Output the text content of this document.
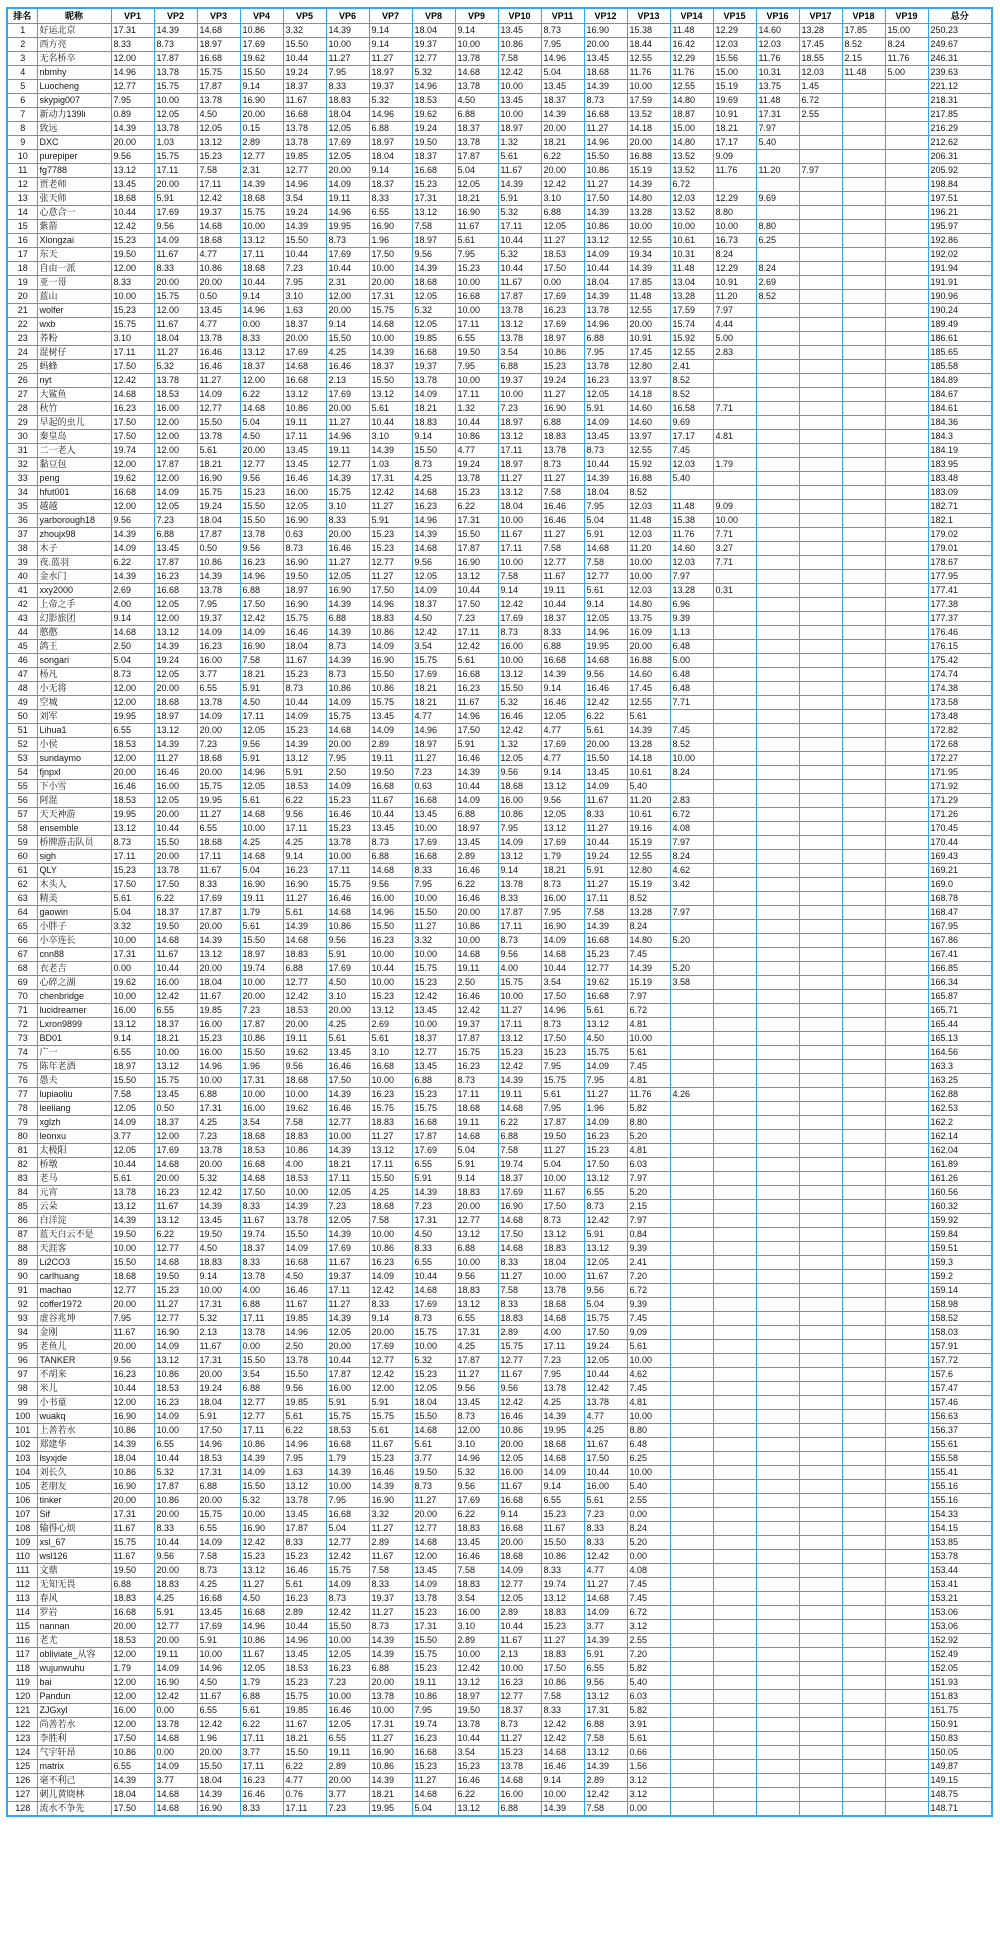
排名	昵称	VP1	VP2	VP3	VP4	VP5	VP6	VP7	VP8	VP9	VP10	VP11	VP12	VP13	VP14	VP15	VP16	VP17	VP18	VP19	总分
1	好运北京	17.31	14.39	14.68	10.86	3.32	14.39	9.14	18.04	9.14	13.45	8.73	16.90	15.38	11.48	12.29	14.60	13.28	17.85	15.00	250.23
2	西方亮	8.33	8.73	18.97	17.69	15.50	10.00	9.14	19.37	10.00	10.86	7.95	20.00	18.44	16.42	12.03	12.03	17.45	8.52	8.24	249.67
3	无名桥卒	12.00	17.87	16.68	19.62	10.44	11.27	11.27	12.77	13.78	7.58	14.96	13.45	12.55	12.29	15.56	11.76	18.55	2.15	11.76	246.31
4	nbmhy	14.96	13.78	15.75	15.50	19.24	7.95	18.97	5.32	14.68	12.42	5.04	18.68	11.76	11.76	15.00	10.31	12.03	11.48	5.00	239.63
5	Luocheng	12.77	15.75	17.87	9.14	18.37	8.33	19.37	14.96	13.78	10.00	13.45	14.39	10.00	12.55	15.19	13.75	1.45			221.12
6	skypig007	7.95	10.00	13.78	16.90	11.67	18.83	5.32	18.53	4.50	13.45	18.37	8.73	17.59	14.80	19.69	11.48	6.72			218.31
7	新动力139li	0.89	12.05	4.50	20.00	16.68	18.04	14.96	19.62	6.88	10.00	14.39	16.68	13.52	18.87	10.91	17.31	2.55			217.85
8	致远	14.39	13.78	12.05	0.15	13.78	12.05	6.88	19.24	18.37	18.97	20.00	11.27	14.18	15.00	18.21	7.97				216.29
9	DXC	20.00	1.03	13.12	2.89	13.78	17.69	18.97	19.50	13.78	1.32	18.21	14.96	20.00	14.80	17.17	5.40				212.62
10	purepiper	9.56	15.75	15.23	12.77	19.85	12.05	18.04	18.37	17.87	5.61	6.22	15.50	16.88	13.52	9.09					206.31
11	fg7788	13.12	17.11	7.58	2.31	12.77	20.00	9.14	16.68	5.04	11.67	20.00	10.86	15.19	13.52	11.76	11.20	7.97			205.92
12	贾老师	13.45	20.00	17.11	14.39	14.96	14.09	18.37	15.23	12.05	14.39	12.42	11.27	14.39	6.72						198.84
13	张天师	18.68	5.91	12.42	18.68	3.54	19.11	8.33	17.31	18.21	5.91	3.10	17.50	14.80	12.03	12.29	9.69				197.51
14	心意合一	10.44	17.69	19.37	15.75	19.24	14.96	6.55	13.12	16.90	5.32	6.88	14.39	13.28	13.52	8.80					196.21
15	紫箭	12.42	9.56	14.68	10.00	14.39	19.95	16.90	7.58	11.67	17.11	12.05	10.86	10.00	10.00	10.00	8.80				195.97
16	Xlongzai	15.23	14.09	18.68	13.12	15.50	8.73	1.96	18.97	5.61	10.44	11.27	13.12	12.55	10.61	16.73	6.25				192.86
17	东天	19.50	11.67	4.77	17.11	10.44	17.69	17.50	9.56	7.95	5.32	18.53	14.09	19.34	10.31	8.24					192.02
18	自由一派	12.00	8.33	10.86	18.68	7.23	10.44	10.00	14.39	15.23	10.44	17.50	10.44	14.39	11.48	12.29	8.24				191.94
19	亚一哥	8.33	20.00	20.00	10.44	7.95	2.31	20.00	18.68	10.00	11.67	0.00	18.04	17.85	13.04	10.91	2.69				191.91
20	蓝山	10.00	15.75	0.50	9.14	3.10	12.00	17.31	12.05	16.68	17.87	17.69	14.39	11.48	13.28	11.20	8.52				190.96
21	wolfer	15.23	12.00	13.45	14.96	1.63	20.00	15.75	5.32	10.00	13.78	16.23	13.78	12.55	17.59	7.97					190.24
22	wxb	15.75	11.67	4.77	0.00	18.37	9.14	14.68	12.05	17.11	13.12	17.69	14.96	20.00	15.74	4.44					189.49
23	荞粉	3.10	18.04	13.78	8.33	20.00	15.50	10.00	19.85	6.55	13.78	18.97	6.88	10.91	15.92	5.00					186.61
24	混树仔	17.11	11.27	16.46	13.12	17.69	4.25	14.39	16.68	19.50	3.54	10.86	7.95	17.45	12.55	2.83					185.65
25	蚂蜂	17.50	5.32	16.46	18.37	14.68	16.46	18.37	19.37	7.95	6.88	15.23	13.78	12.80	2.41						185.58
26	nyt	12.42	13.78	11.27	12.00	16.68	2.13	15.50	13.78	10.00	19.37	19.24	16.23	13.97	8.52						184.89
27	大鲨鱼	14.68	18.53	14.09	6.22	13.12	17.69	13.12	14.09	17.11	10.00	11.27	12.05	14.18	8.52						184.67
28	秋竹	16.23	16.00	12.77	14.68	10.86	20.00	5.61	18.21	1.32	7.23	16.90	5.91	14.60	16.58	7.71					184.61
29	早起的虫儿	17.50	12.00	15.50	5.04	19.11	11.27	10.44	18.83	10.44	18.97	6.88	14.09	14.60	9.69						184.36
30	秦皇岛	17.50	12.00	13.78	4.50	17.11	14.96	3.10	9.14	10.86	13.12	18.83	13.45	13.97	17.17	4.81					184.3
31	二一老人	19.74	12.00	5.61	20.00	13.45	19.11	14.39	15.50	4.77	17.11	13.78	8.73	12.55	7.45						184.19
32	黏豆包	12.00	17.87	18.21	12.77	13.45	12.77	1.03	8.73	19.24	18.97	8.73	10.44	15.92	12.03	1.79					183.95
33	peng	19.62	12.00	16.90	9.56	16.46	14.39	17.31	4.25	13.78	11.27	11.27	14.39	16.88	5.40						183.48
34	hfut001	16.68	14.09	15.75	15.23	16.00	15.75	12.42	14.68	15.23	13.12	7.58	18.04	8.52							183.09
35	越越	12.00	12.05	19.24	15.50	12.05	3.10	11.27	16.23	6.22	18.04	16.46	7.95	12.03	11.48	9.09					182.71
36	yarborough18	9.56	7.23	18.04	15.50	16.90	8.33	5.91	14.96	17.31	10.00	16.46	5.04	11.48	15.38	10.00					182.1
37	zhoujx98	14.39	6.88	17.87	13.78	0.63	20.00	15.23	14.39	15.50	11.67	11.27	5.91	12.03	11.76	7.71					179.02
38	木子	14.09	13.45	0.50	9.56	8.73	16.46	15.23	14.68	17.87	17.11	7.58	14.68	11.20	14.60	3.27					179.01
39	夜.蓝羽	6.22	17.87	10.86	16.23	16.90	11.27	12.77	9.56	16.90	10.00	12.77	7.58	10.00	12.03	7.71					178.67
40	金水门	14.39	16.23	14.39	14.96	19.50	12.05	11.27	12.05	13.12	7.58	11.67	12.77	10.00	7.97						177.95
41	xxy2000	2.69	16.68	13.78	6.88	18.97	16.90	17.50	14.09	10.44	9.14	19.11	5.61	12.03	13.28	0.31					177.41
42	上帝之手	4.00	12.05	7.95	17.50	16.90	14.39	14.96	18.37	17.50	12.42	10.44	9.14	14.80	6.96						177.38
43	幻影旅团	9.14	12.00	19.37	12.42	15.75	6.88	18.83	4.50	7.23	17.69	18.37	12.05	13.75	9.39						177.37
44	憨憨	14.68	13.12	14.09	14.09	16.46	14.39	10.86	12.42	17.11	8.73	8.33	14.96	16.09	1.13						176.46
45	鸽王	2.50	14.39	16.23	16.90	18.04	8.73	14.09	3.54	12.42	16.00	6.88	19.95	20.00	6.48						176.15
46	songari	5.04	19.24	16.00	7.58	11.67	14.39	16.90	15.75	5.61	10.00	16.68	14.68	16.88	5.00						175.42
47	杨凡	8.73	12.05	3.77	18.21	15.23	8.73	15.50	17.69	16.68	13.12	14.39	9.56	14.60	6.48						174.74
48	小无将	12.00	20.00	6.55	5.91	8.73	10.86	10.86	18.21	16.23	15.50	9.14	16.46	17.45	6.48						174.38
49	空城	12.00	18.68	13.78	4.50	10.44	14.09	15.75	18.21	11.67	5.32	16.46	12.42	12.55	7.71						173.58
50	刘军	19.95	18.97	14.09	17.11	14.09	15.75	13.45	4.77	14.96	16.46	12.05	6.22	5.61							173.48
51	Lihua1	6.55	13.12	20.00	12.05	15.23	14.68	14.09	14.96	17.50	12.42	4.77	5.61	14.39	7.45						172.82
52	小侯	18.53	14.39	7.23	9.56	14.39	20.00	2.89	18.97	5.91	1.32	17.69	20.00	13.28	8.52						172.68
53	sundaymo	12.00	11.27	18.68	5.91	13.12	7.95	19.11	11.27	16.46	12.05	4.77	15.50	14.18	10.00						172.27
54	fjnpxl	20.00	16.46	20.00	14.96	5.91	2.50	19.50	7.23	14.39	9.56	9.14	13.45	10.61	8.24						171.95
55	下小雪	16.46	16.00	15.75	12.05	18.53	14.09	16.68	0.63	10.44	18.68	13.12	14.09	5.40							171.92
56	阿混	18.53	12.05	19.95	5.61	6.22	15.23	11.67	16.68	14.09	16.00	9.56	11.67	11.20	2.83						171.29
57	天天神游	19.95	20.00	11.27	14.68	9.56	16.46	10.44	13.45	6.88	10.86	12.05	8.33	10.61	6.72						171.26
58	ensemble	13.12	10.44	6.55	10.00	17.11	15.23	13.45	10.00	18.97	7.95	13.12	11.27	19.16	4.08						170.45
59	桥牌游击队员	8.73	15.50	18.68	4.25	4.25	13.78	8.73	17.69	13.45	14.09	17.69	10.44	15.19	7.97						170.44
60	sigh	17.11	20.00	17.11	14.68	9.14	10.00	6.88	16.68	2.89	13.12	1.79	19.24	12.55	8.24						169.43
61	QLY	15.23	13.78	11.67	5.04	16.23	17.11	14.68	8.33	16.46	9.14	18.21	5.91	12.80	4.62						169.21
62	木头人	17.50	17.50	8.33	16.90	16.90	15.75	9.56	7.95	6.22	13.78	8.73	11.27	15.19	3.42						169.0
63	精美	5.61	6.22	17.69	19.11	11.27	16.46	16.00	10.00	16.46	8.33	16.00	17.11	8.52							168.78
64	gaowin	5.04	18.37	17.87	1.79	5.61	14.68	14.96	15.50	20.00	17.87	7.95	7.58	13.28	7.97						168.47
65	小胖子	3.32	19.50	20.00	5.61	14.39	10.86	15.50	11.27	10.86	17.11	16.90	14.39	8.24							167.95
66	小卒连长	10.00	14.68	14.39	15.50	14.68	9.56	16.23	3.32	10.00	8.73	14.09	16.68	14.80	5.20						167.86
67	cnn88	17.31	11.67	13.12	18.97	18.83	5.91	10.00	10.00	14.68	9.56	14.68	15.23	7.45							167.41
68	衣老吉	0.00	10.44	20.00	19.74	6.88	17.69	10.44	15.75	19.11	4.00	10.44	12.77	14.39	5.20						166.85
69	心碎之湖	19.62	16.00	18.04	10.00	12.77	4.50	10.00	15.23	2.50	15.75	3.54	19.62	15.19	3.58						166.34
70	chenbridge	10.00	12.42	11.67	20.00	12.42	3.10	15.23	12.42	16.46	10.00	17.50	16.68	7.97							165.87
71	lucidreamer	16.00	6.55	19.85	7.23	18.53	20.00	13.12	13.45	12.42	11.27	14.96	5.61	6.72							165.71
72	Lxron9899	13.12	18.37	16.00	17.87	20.00	4.25	2.69	10.00	19.37	17.11	8.73	13.12	4.81							165.44
73	BD01	9.14	18.21	15.23	10.86	19.11	5.61	5.61	18.37	17.87	13.12	17.50	4.50	10.00							165.13
74	广一	6.55	10.00	16.00	15.50	19.62	13.45	3.10	12.77	15.75	15.23	15.23	15.75	5.61							164.56
75	陈年老酒	18.97	13.12	14.96	1.96	9.56	16.46	16.68	13.45	16.23	12.42	7.95	14.09	7.45							163.3
76	愚夫	15.50	15.75	10.00	17.31	18.68	17.50	10.00	6.88	8.73	14.39	15.75	7.95	4.81							163.25
77	lupiaoliu	7.58	13.45	6.88	10.00	10.00	14.39	16.23	15.23	17.11	19.11	5.61	11.27	11.76	4.26						162.88
78	leeliang	12.05	0.50	17.31	16.00	19.62	16.46	15.75	15.75	18.68	14.68	7.95	1.96	5.82							162.53
79	xglzh	14.09	18.37	4.25	3.54	7.58	12.77	18.83	16.68	19.11	6.22	17.87	14.09	8.80							162.2
80	leonxu	3.77	12.00	7.23	18.68	18.83	10.00	11.27	17.87	14.68	6.88	19.50	16.23	5.20							162.14
81	太极阳	12.05	17.69	13.78	18.53	10.86	14.39	13.12	17.69	5.04	7.58	11.27	15.23	4.81							162.04
82	桥墩	10.44	14.68	20.00	16.68	4.00	18.21	17.11	6.55	5.91	19.74	5.04	17.50	6.03							161.89
83	老马	5.61	20.00	5.32	14.68	18.53	17.11	15.50	5.91	9.14	18.37	10.00	13.12	7.97							161.26
84	元宵	13.78	16.23	12.42	17.50	10.00	12.05	4.25	14.39	18.83	17.69	11.67	6.55	5.20							160.56
85	云朵	13.12	11.67	14.39	8.33	14.39	7.23	18.68	7.23	20.00	16.90	17.50	8.73	2.15							160.32
86	白洋淀	14.39	13.12	13.45	11.67	13.78	12.05	7.58	17.31	12.77	14.68	8.73	12.42	7.97							159.92
87	蓝天白云不是	19.50	6.22	19.50	19.74	15.50	14.39	10.00	4.50	13.12	17.50	13.12	5.91	0.84							159.84
88	天涯客	10.00	12.77	4.50	18.37	14.09	17.69	10.86	8.33	6.88	14.68	18.83	13.12	9.39							159.51
89	Li2CO3	15.50	14.68	18.83	8.33	16.68	11.67	16.23	6.55	10.00	8.33	18.04	12.05	2.41							159.3
90	carlhuang	18.68	19.50	9.14	13.78	4.50	19.37	14.09	10.44	9.56	11.27	10.00	11.67	7.20							159.2
91	machao	12.77	15.23	10.00	4.00	16.46	17.11	12.42	14.68	18.83	7.58	13.78	9.56	6.72							159.14
92	coffer1972	20.00	11.27	17.31	6.88	11.67	11.27	8.33	17.69	13.12	8.33	18.68	5.04	9.39							158.98
93	虚谷兆坤	7.95	12.77	5.32	17.11	19.85	14.39	9.14	8.73	6.55	18.83	14.68	15.75	7.45							158.52
94	金刚	11.67	16.90	2.13	13.78	14.96	12.05	20.00	15.75	17.31	2.89	4.00	17.50	9.09							158.03
95	老鱼儿	20.00	14.09	11.67	0.00	2.50	20.00	17.69	10.00	4.25	15.75	17.11	19.24	5.61							157.91
96	TANKER	9.56	13.12	17.31	15.50	13.78	10.44	12.77	5.32	17.87	12.77	7.23	12.05	10.00							157.72
97	不胡来	16.23	10.86	20.00	3.54	15.50	17.87	12.42	15.23	11.27	11.67	7.95	10.44	4.62							157.6
98	米儿	10.44	18.53	19.24	6.88	9.56	16.00	12.00	12.05	9.56	9.56	13.78	12.42	7.45							157.47
99	小书童	12.00	16.23	18.04	12.77	19.85	5.91	5.91	18.04	13.45	12.42	4.25	13.78	4.81							157.46
100	wuakq	16.90	14.09	5.91	12.77	5.61	15.75	15.75	15.50	8.73	16.46	14.39	4.77	10.00							156.63
101	上善若水	10.86	10.00	17.50	17.11	6.22	18.53	5.61	14.68	12.00	10.86	19.95	4.25	8.80							156.37
102	郑建华	14.39	6.55	14.96	10.86	14.96	16.68	11.67	5.61	3.10	20.00	18.68	11.67	6.48							155.61
103	lsyxjde	18.04	10.44	18.53	14.39	7.95	1.79	15.23	3.77	14.96	12.05	14.68	17.50	6.25							155.58
104	刘长久	10.86	5.32	17.31	14.09	1.63	14.39	16.46	19.50	5.32	16.00	14.09	10.44	10.00							155.41
105	老朋友	16.90	17.87	6.88	15.50	13.12	10.00	14.39	8.73	9.56	11.67	9.14	16.00	5.40							155.16
106	tinker	20.00	10.86	20.00	5.32	13.78	7.95	16.90	11.27	17.69	16.68	6.55	5.61	2.55							155.16
107	Sif	17.31	20.00	15.75	10.00	13.45	16.68	3.32	20.00	6.22	9.14	15.23	7.23	0.00							154.33
108	输得心烦	11.67	8.33	6.55	16.90	17.87	5.04	11.27	12.77	18.83	16.68	11.67	8.33	8.24							154.15
109	xsl_67	15.75	10.44	14.09	12.42	8.33	12.77	2.89	14.68	13.45	20.00	15.50	8.33	5.20							153.85
110	wsl126	11.67	9.56	7.58	15.23	15.23	12.42	11.67	12.00	16.46	18.68	10.86	12.42	0.00							153.78
111	文鼎	19.50	20.00	8.73	13.12	16.46	15.75	7.58	13.45	7.58	14.09	8.33	4.77	4.08							153.44
112	无知无畏	6.88	18.83	4.25	11.27	5.61	14.09	8.33	14.09	18.83	12.77	19.74	11.27	7.45							153.41
113	春风	18.83	4.25	16.68	4.50	16.23	8.73	19.37	13.78	3.54	12.05	13.12	14.68	7.45							153.21
114	罗岩	16.68	5.91	13.45	16.68	2.89	12.42	11.27	15.23	16.00	2.89	18.83	14.09	6.72							153.06
115	nannan	20.00	12.77	17.69	14.96	10.44	15.50	8.73	17.31	3.10	10.44	15.23	3.77	3.12							153.06
116	老尤	18.53	20.00	5.91	10.86	14.96	10.00	14.39	15.50	2.89	11.67	11.27	14.39	2.55							152.92
117	obliviate_从容	12.00	19.11	10.00	11.67	13.45	12.05	14.39	15.75	10.00	2.13	18.83	5.91	7.20							152.49
118	wujunwuhu	1.79	14.09	14.96	12.05	18.53	16.23	6.88	15.23	12.42	10.00	17.50	6.55	5.82							152.05
119	bai	12.00	16.90	4.50	1.79	15.23	7.23	20.00	19.11	13.12	16.23	10.86	9.56	5.40							151.93
120	Pandun	12.00	12.42	11.67	6.88	15.75	10.00	13.78	10.86	18.97	12.77	7.58	13.12	6.03							151.83
121	ZJGxyl	16.00	0.00	6.55	5.61	19.85	16.46	10.00	7.95	19.50	18.37	8.33	17.31	5.82							151.75
122	尚善若水	12.00	13.78	12.42	6.22	11.67	12.05	17.31	19.74	13.78	8.73	12.42	6.88	3.91							150.91
123	李胜利	17.50	14.68	1.96	17.11	18.21	6.55	11.27	16.23	10.44	11.27	12.42	7.58	5.61							150.83
124	气宇轩昂	10.86	0.00	20.00	3.77	15.50	19.11	16.90	16.68	3.54	15.23	14.68	13.12	0.66							150.05
125	matrix	6.55	14.09	15.50	17.11	6.22	2.89	10.86	15.23	15.23	13.78	16.46	14.39	1.56							149.87
126	毫不利己	14.39	3.77	18.04	16.23	4.77	20.00	14.39	11.27	16.46	14.68	9.14	2.89	3.12							149.15
127	刺儿黄晓林	18.04	14.68	14.39	16.46	0.76	3.77	18.21	14.68	6.22	16.00	10.00	12.42	3.12							148.75
128	流水不争先	17.50	14.68	16.90	8.33	17.11	7.23	19.95	5.04	13.12	6.88	14.39	7.58	0.00							148.71
